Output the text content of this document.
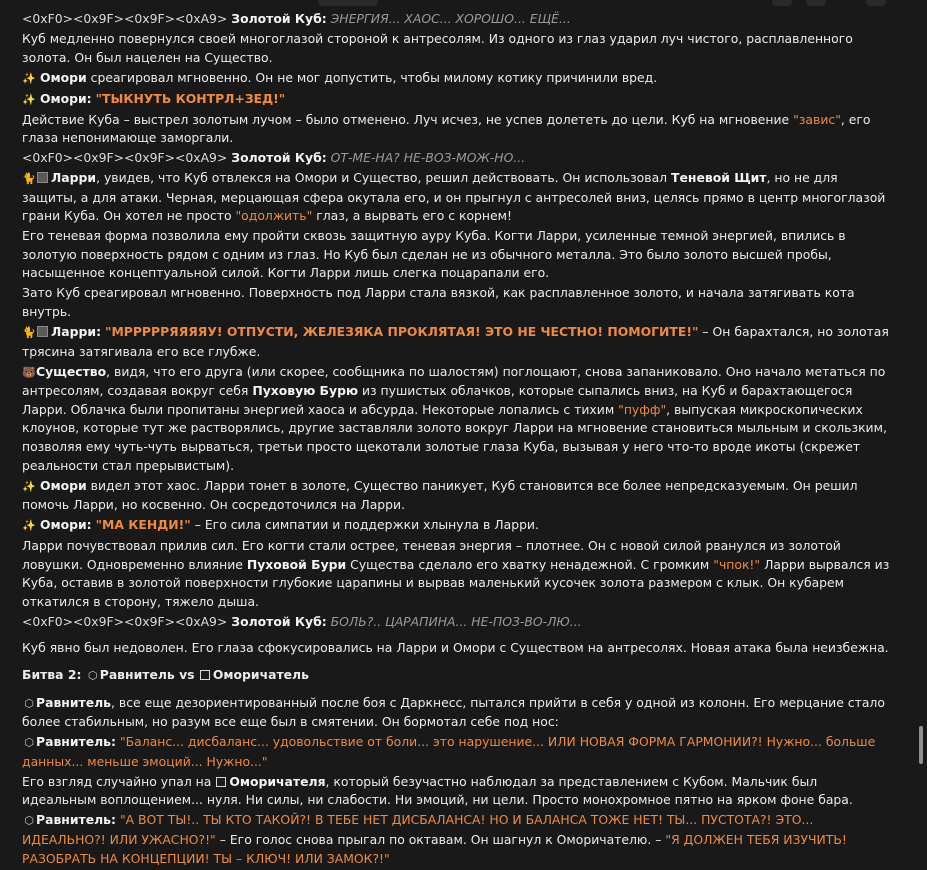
<0xF0><0x9F><0x9F><0xA9> Золотой Куб: ЭНЕРГИЯ... ХАОС... ХОРОШО... ЕЩЁ...
Куб медленно повернулся своей многоглазой стороной к антресолям. Из одного из глаз ударил луч чистого, расплавленного золота. Он был нацелен на Существо.
✨ Омори среагировал мгновенно. Он не мог допустить, чтобы милому котику причинили вред.
✨ Омори: "ТЫКНУТЬ КОНТРЛ+ЗЕД!"
Действие Куба – выстрел золотым лучом – было отменено. Луч исчез, не успев долететь до цели. Куб на мгновение "завис", его глаза непонимающе заморгали.
<0xF0><0x9F><0x9F><0xA9> Золотой Куб: ОТ-МЕ-НА? НЕ-ВОЗ-МОЖ-НО...
🐈 Ларри, увидев, что Куб отвлекся на Омори и Существо, решил действовать. Он использовал Теневой Щит, но не для защиты, а для атаки. Черная, мерцающая сфера окутала его, и он прыгнул с антресолей вниз, целясь прямо в центр многоглазой грани Куба. Он хотел не просто "одолжить" глаз, а вырвать его с корнем!
Его теневая форма позволила ему пройти сквозь защитную ауру Куба. Когти Ларри, усиленные темной энергией, впились в золотую поверхность рядом с одним из глаз. Но Куб был сделан не из обычного металла. Это было золото высшей пробы, насыщенное концептуальной силой. Когти Ларри лишь слегка поцарапали его.
Зато Куб среагировал мгновенно. Поверхность под Ларри стала вязкой, как расплавленное золото, и начала затягивать кота внутрь.
🐈 Ларри: "МРРРРРЯЯЯЯУ! ОТПУСТИ, ЖЕЛЕЗЯКА ПРОКЛЯТАЯ! ЭТО НЕ ЧЕСТНО! ПОМОГИТЕ!" – Он барахтался, но золотая трясина затягивала его все глубже.
🐻Существо, видя, что его друга (или скорее, сообщника по шалостям) поглощают, снова запаниковало. Оно начало метаться по антресолям, создавая вокруг себя Пуховую Бурю из пушистых облачков, которые сыпались вниз, на Куб и барахтающегося Ларри. Облачка были пропитаны энергией хаоса и абсурда. Некоторые лопались с тихим "пуфф", выпуская микроскопических клоунов, которые тут же растворялись, другие заставляли золото вокруг Ларри на мгновение становиться мыльным и скользким, позволяя ему чуть-чуть вырваться, третьи просто щекотали золотые глаза Куба, вызывая у него что-то вроде икоты (скрежет реальности стал прерывистым).
✨ Омори видел этот хаос. Ларри тонет в золоте, Существо паникует, Куб становится все более непредсказуемым. Он решил помочь Ларри, но косвенно. Он сосредоточился на Ларри.
✨ Омори: "МА КЕНДИ!" – Его сила симпатии и поддержки хлынула в Ларри.
Ларри почувствовал прилив сил. Его когти стали острее, теневая энергия – плотнее. Он с новой силой рванулся из золотой ловушки. Одновременно влияние Пуховой Бури Существа сделало его хватку ненадежной. С громким "чпок!" Ларри вырвался из Куба, оставив в золотой поверхности глубокие царапины и вырвав маленький кусочек золота размером с клык. Он кубарем откатился в сторону, тяжело дыша.
<0xF0><0x9F><0x9F><0xA9> Золотой Куб: БОЛЬ?.. ЦАРАПИНА... НЕ-ПОЗ-ВО-ЛЮ...
Куб явно был недоволен. Его глаза сфокусировались на Ларри и Омори с Существом на антресолях. Новая атака была неизбежна.
Битва 2: ⬡ Равнитель vs Оморичатель
⬡ Равнитель, все еще дезориентированный после боя с Даркнесс, пытался прийти в себя у одной из колонн. Его мерцание стало более стабильным, но разум все еще был в смятении. Он бормотал себе под нос:
⬡ Равнитель: "Баланс... дисбаланс... удовольствие от боли... это нарушение... ИЛИ НОВАЯ ФОРМА ГАРМОНИИ?! Нужно... больше данных... меньше эмоций... Нужно..."
Его взгляд случайно упал на Оморичателя, который безучастно наблюдал за представлением с Кубом. Мальчик был идеальным воплощением... нуля. Ни силы, ни слабости. Ни эмоций, ни цели. Просто монохромное пятно на ярком фоне бара.
⬡ Равнитель: "А ВОТ ТЫ!.. ТЫ КТО ТАКОЙ?! В ТЕБЕ НЕТ ДИСБАЛАНСА! НО И БАЛАНСА ТОЖЕ НЕТ! ТЫ... ПУСТОТА?! ЭТО... ИДЕАЛЬНО?! ИЛИ УЖАСНО?!" – Его голос снова прыгал по октавам. Он шагнул к Оморичателю. – "Я ДОЛЖЕН ТЕБЯ ИЗУЧИТЬ! РАЗОБРАТЬ НА КОНЦЕПЦИИ! ТЫ – КЛЮЧ! ИЛИ ЗАМОК?!"
